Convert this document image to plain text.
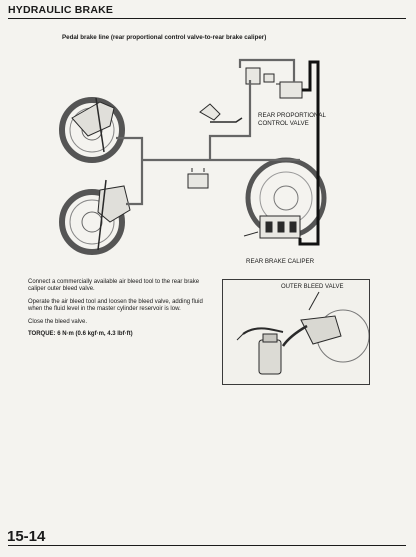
HYDRAULIC BRAKE
Pedal brake line (rear proportional control valve-to-rear brake caliper)
REAR PROPORTIONAL CONTROL VALVE
REAR BRAKE CALIPER

Connect a commercially available air bleed tool to the rear brake caliper outer bleed valve.

Operate the air bleed tool and loosen the bleed valve, adding fluid when the fluid level in the master cylinder reservoir is low.

Close the bleed valve.

TORQUE: 6 N·m (0.6 kgf·m, 4.3 lbf·ft)

OUTER BLEED VALVE
15-14
